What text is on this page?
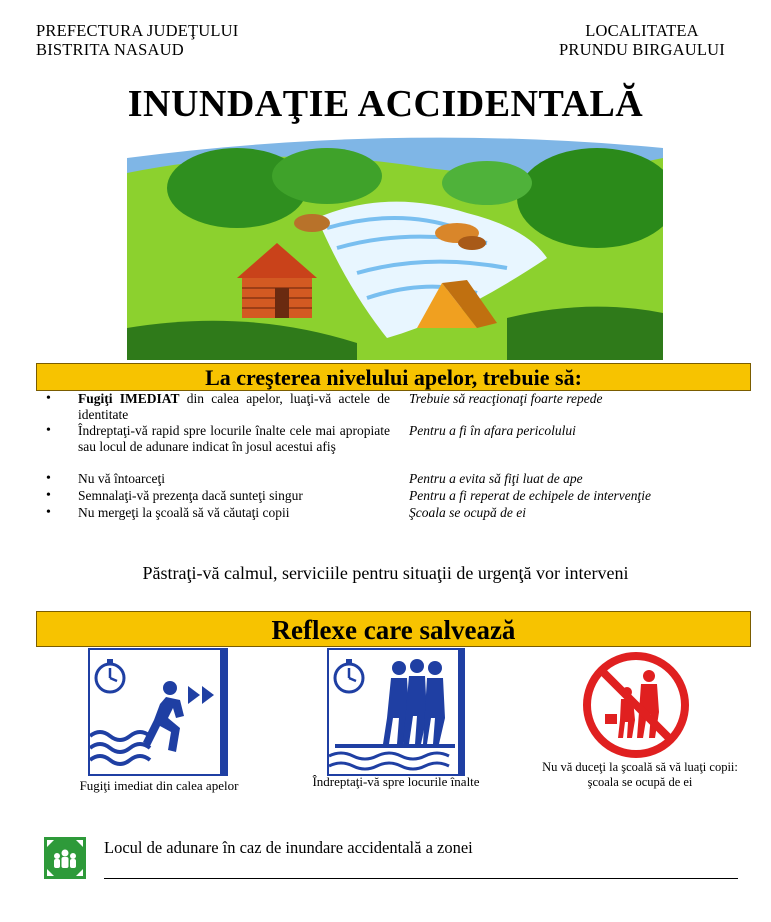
PREFECTURA JUDEŢULUI
BISTRITA NASAUD
LOCALITATEA
PRUNDU BIRGAULUI
INUNDAŢIE ACCIDENTALĂ
La creşterea nivelului apelor, trebuie să:
•	Fugiţi IMEDIAT din calea apelor, luaţi-vă actele de identitate
Trebuie să reacţionaţi foarte repede
•	Îndreptaţi-vă rapid spre locurile înalte cele mai apropiate sau locul de adunare indicat în josul acestui afiş
Pentru a fi în afara pericolului
•	Nu vă întoarceţi	Pentru a evita să fiţi luat de ape
•	Semnalaţi-vă prezenţa dacă sunteţi singur	Pentru a fi reperat de echipele de intervenţie
•	Nu mergeţi la şcoală să vă căutaţi copii	Şcoala se ocupă de ei
Păstraţi-vă calmul, serviciile pentru situaţii de urgenţă vor interveni
Reflexe care salvează
Fugiţi imediat din calea apelor	Îndreptaţi-vă spre locurile înalte
Nu vă duceţi la şcoală să vă luaţi copii:
şcoala se ocupă de ei
Locul de adunare în caz de inundare accidentală a zonei
